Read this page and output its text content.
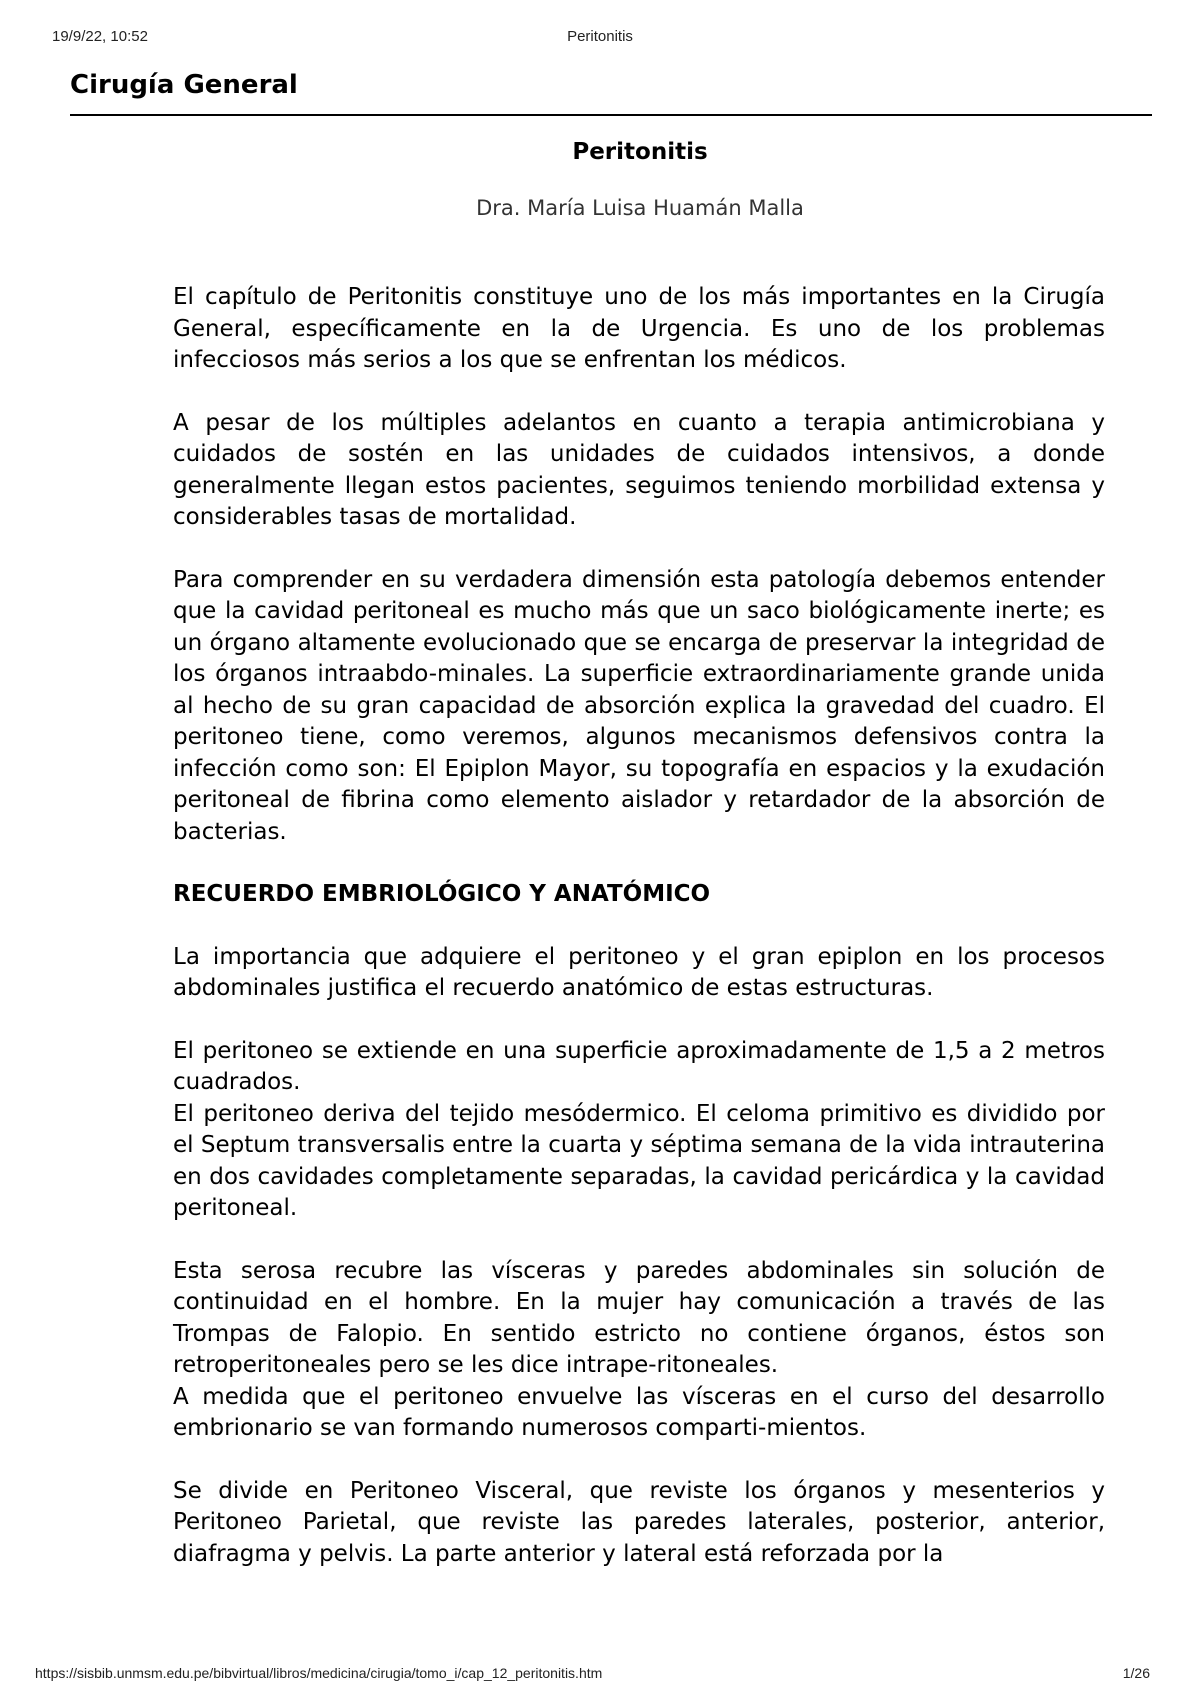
19/9/22, 10:52	Peritonitis
Cirugía General
Peritonitis
Dra. María Luisa Huamán Malla

El capítulo de Peritonitis constituye uno de los más importantes en la Cirugía General, específicamente en la de Urgencia. Es uno de los problemas infecciosos más serios a los que se enfrentan los médicos.

A pesar de los múltiples adelantos en cuanto a terapia antimicrobiana y cuidados de sostén en las unidades de cuidados intensivos, a donde generalmente llegan estos pacientes, seguimos teniendo morbilidad extensa y considerables tasas de mortalidad.

Para comprender en su verdadera dimensión esta patología debemos entender que la cavidad peritoneal es mucho más que un saco biológicamente inerte; es un órgano altamente evolucionado que se encarga de preservar la integridad de los órganos intraabdo-minales. La superficie extraordinariamente grande unida al hecho de su gran capacidad de absorción explica la gravedad del cuadro. El peritoneo tiene, como veremos, algunos mecanismos defensivos contra la infección como son: El Epiplon Mayor, su topografía en espacios y la exudación peritoneal de fibrina como elemento aislador y retardador de la absorción de bacterias.

RECUERDO EMBRIOLÓGICO Y ANATÓMICO

La importancia que adquiere el peritoneo y el gran epiplon en los procesos abdominales justifica el recuerdo anatómico de estas estructuras.

El peritoneo se extiende en una superficie aproximadamente de 1,5 a 2 metros cuadrados.

El peritoneo deriva del tejido mesódermico. El celoma primitivo es dividido por el Septum transversalis entre la cuarta y séptima semana de la vida intrauterina en dos cavidades completamente separadas, la cavidad pericárdica y la cavidad peritoneal.

Esta serosa recubre las vísceras y paredes abdominales sin solución de continuidad en el hombre. En la mujer hay comunicación a través de las Trompas de Falopio. En sentido estricto no contiene órganos, éstos son retroperitoneales pero se les dice intrape-ritoneales.

A medida que el peritoneo envuelve las vísceras en el curso del desarrollo embrionario se van formando numerosos comparti-mientos.

Se divide en Peritoneo Visceral, que reviste los órganos y mesenterios y Peritoneo Parietal, que reviste las paredes laterales, posterior, anterior, diafragma y pelvis. La parte anterior y lateral está reforzada por la

https://sisbib.unmsm.edu.pe/bibvirtual/libros/medicina/cirugia/tomo_i/cap_12_peritonitis.htm	1/26
